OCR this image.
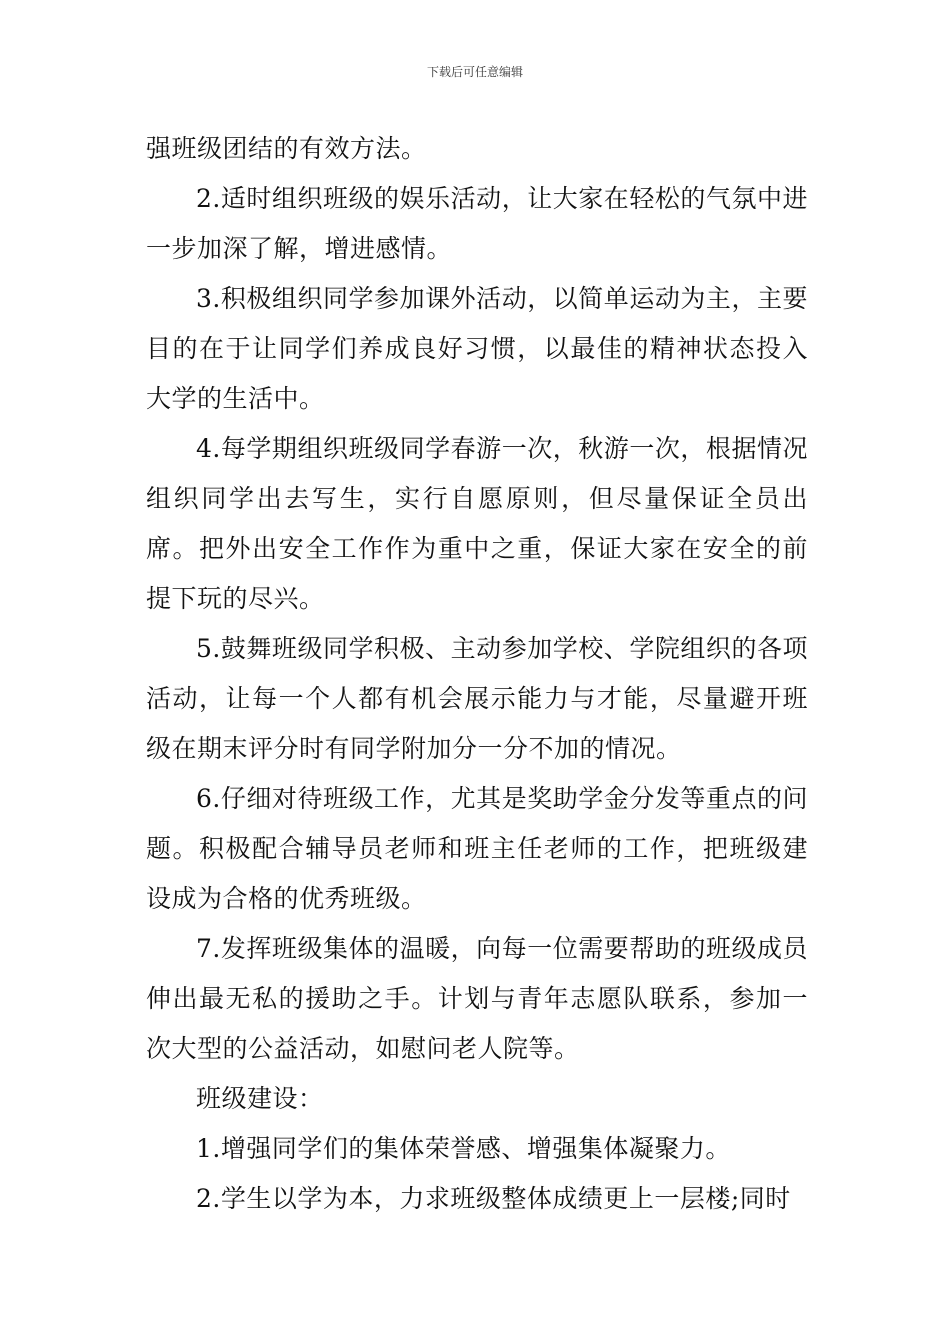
下载后可任意编辑

强班级团结的有效方法。

2.适时组织班级的娱乐活动，让大家在轻松的气氛中进一步加深了解，增进感情。

3.积极组织同学参加课外活动，以简单运动为主，主要目的在于让同学们养成良好习惯，以最佳的精神状态投入大学的生活中。

4.每学期组织班级同学春游一次，秋游一次，根据情况组织同学出去写生，实行自愿原则，但尽量保证全员出席。把外出安全工作作为重中之重，保证大家在安全的前提下玩的尽兴。

5.鼓舞班级同学积极、主动参加学校、学院组织的各项活动，让每一个人都有机会展示能力与才能，尽量避开班级在期末评分时有同学附加分一分不加的情况。

6.仔细对待班级工作，尤其是奖助学金分发等重点的问题。积极配合辅导员老师和班主任老师的工作，把班级建设成为合格的优秀班级。

7.发挥班级集体的温暖，向每一位需要帮助的班级成员伸出最无私的援助之手。计划与青年志愿队联系，参加一次大型的公益活动，如慰问老人院等。

班级建设：

1.增强同学们的集体荣誉感、增强集体凝聚力。

2.学生以学为本，力求班级整体成绩更上一层楼;同时
